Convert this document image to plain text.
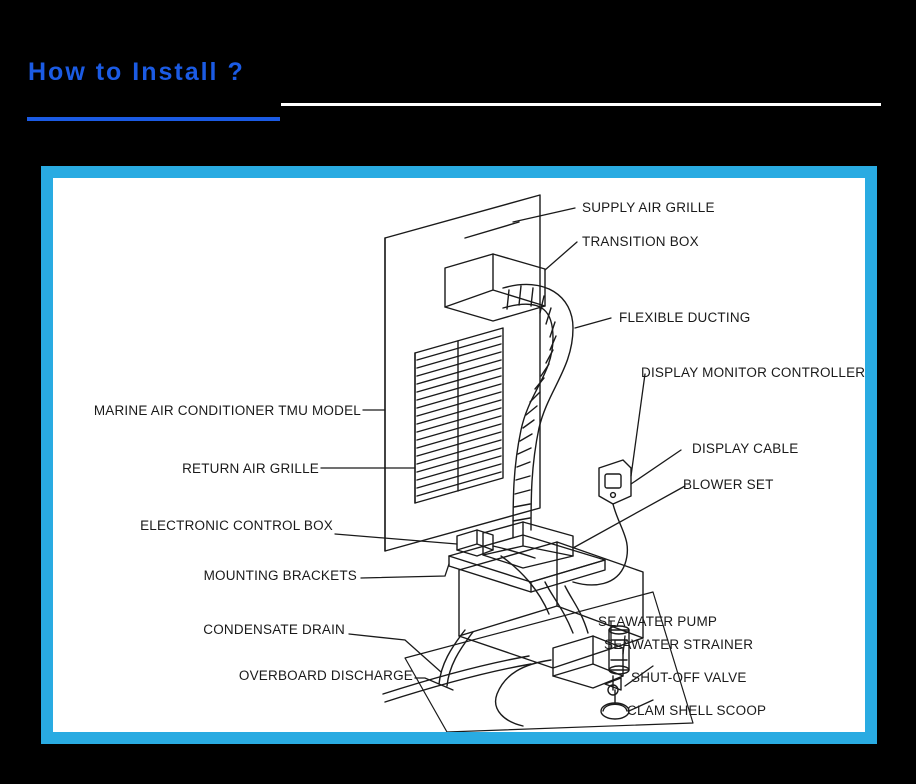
How to Install ?
SUPPLY AIR GRILLE
TRANSITION BOX
FLEXIBLE DUCTING
DISPLAY MONITOR CONTROLLER
DISPLAY CABLE
BLOWER SET
SEAWATER PUMP
SEAWATER STRAINER
SHUT-OFF VALVE
CLAM SHELL SCOOP
MARINE AIR CONDITIONER TMU MODEL
RETURN AIR GRILLE
ELECTRONIC CONTROL BOX
MOUNTING BRACKETS
CONDENSATE DRAIN
OVERBOARD DISCHARGE
